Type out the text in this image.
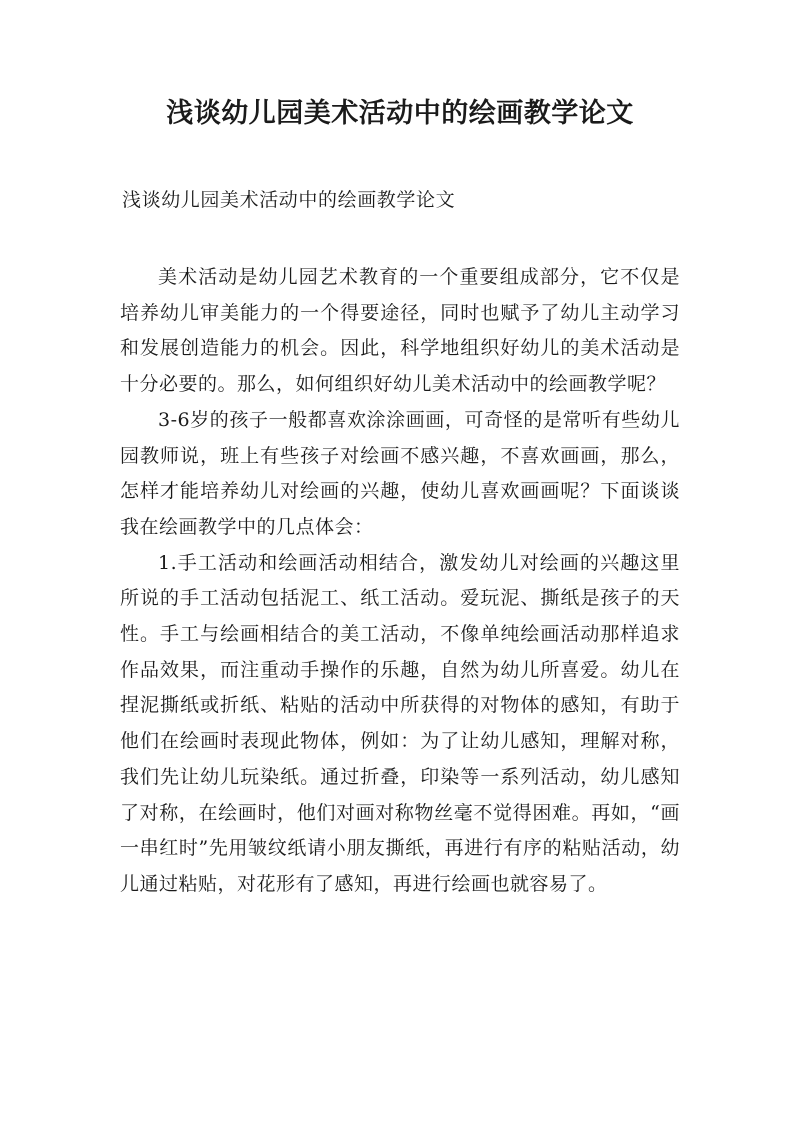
浅谈幼儿园美术活动中的绘画教学论文
浅谈幼儿园美术活动中的绘画教学论文

美术活动是幼儿园艺术教育的一个重要组成部分，它不仅是培养幼儿审美能力的一个得要途径，同时也赋予了幼儿主动学习和发展创造能力的机会。因此，科学地组织好幼儿的美术活动是十分必要的。那么，如何组织好幼儿美术活动中的绘画教学呢？

3-6岁的孩子一般都喜欢涂涂画画，可奇怪的是常听有些幼儿园教师说，班上有些孩子对绘画不感兴趣，不喜欢画画，那么，怎样才能培养幼儿对绘画的兴趣，使幼儿喜欢画画呢？下面谈谈我在绘画教学中的几点体会：

1.手工活动和绘画活动相结合，激发幼儿对绘画的兴趣这里所说的手工活动包括泥工、纸工活动。爱玩泥、撕纸是孩子的天性。手工与绘画相结合的美工活动，不像单纯绘画活动那样追求作品效果，而注重动手操作的乐趣，自然为幼儿所喜爱。幼儿在捏泥撕纸或折纸、粘贴的活动中所获得的对物体的感知，有助于他们在绘画时表现此物体，例如：为了让幼儿感知，理解对称，我们先让幼儿玩染纸。通过折叠，印染等一系列活动，幼儿感知了对称，在绘画时，他们对画对称物丝毫不觉得困难。再如，“画一串红时”先用皱纹纸请小朋友撕纸，再进行有序的粘贴活动，幼儿通过粘贴，对花形有了感知，再进行绘画也就容易了。
